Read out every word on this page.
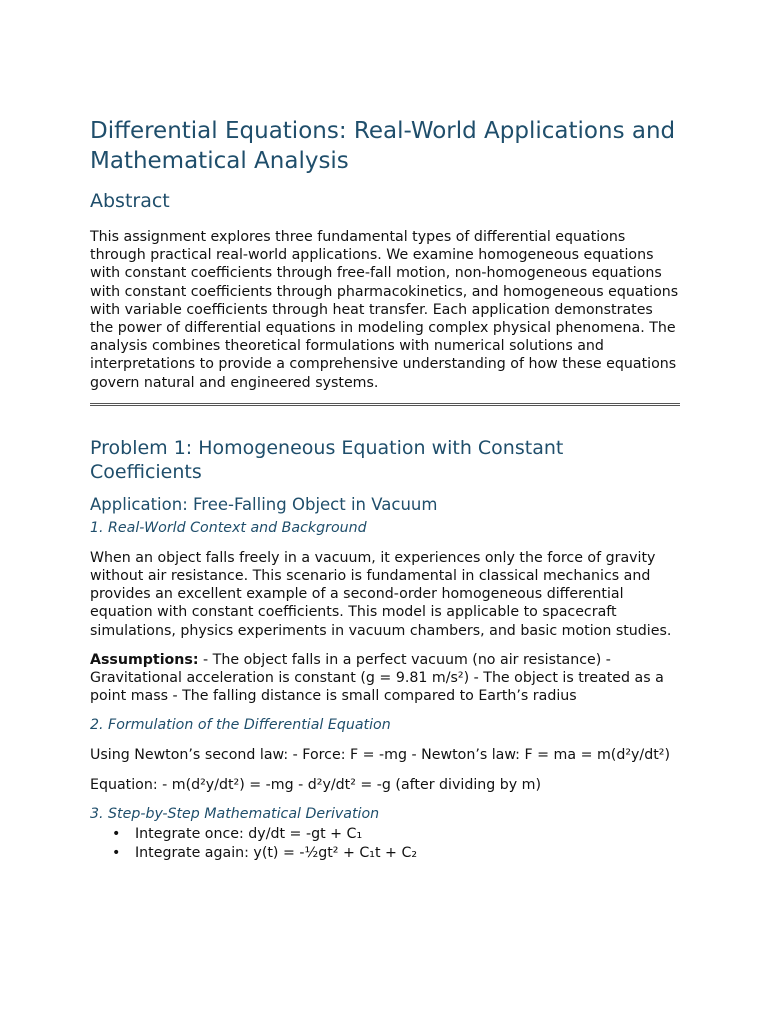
Differential Equations: Real-World Applications and Mathematical Analysis
Abstract

This assignment explores three fundamental types of differential equations through practical real-world applications. We examine homogeneous equations with constant coefficients through free-fall motion, non-homogeneous equations with constant coefficients through pharmacokinetics, and homogeneous equations with variable coefficients through heat transfer. Each application demonstrates the power of differential equations in modeling complex physical phenomena. The analysis combines theoretical formulations with numerical solutions and interpretations to provide a comprehensive understanding of how these equations govern natural and engineered systems.

Problem 1: Homogeneous Equation with Constant Coefficients
Application: Free-Falling Object in Vacuum
1. Real-World Context and Background

When an object falls freely in a vacuum, it experiences only the force of gravity without air resistance. This scenario is fundamental in classical mechanics and provides an excellent example of a second-order homogeneous differential equation with constant coefficients. This model is applicable to spacecraft simulations, physics experiments in vacuum chambers, and basic motion studies.

Assumptions: - The object falls in a perfect vacuum (no air resistance) - Gravitational acceleration is constant (g = 9.81 m/s²) - The object is treated as a point mass - The falling distance is small compared to Earth’s radius

2. Formulation of the Differential Equation

Using Newton’s second law: - Force: F = -mg - Newton’s law: F = ma = m(d²y/dt²)

Equation: - m(d²y/dt²) = -mg - d²y/dt² = -g (after dividing by m)

3. Step-by-Step Mathematical Derivation
• Integrate once: dy/dt = -gt + C₁
• Integrate again: y(t) = -½gt² + C₁t + C₂
